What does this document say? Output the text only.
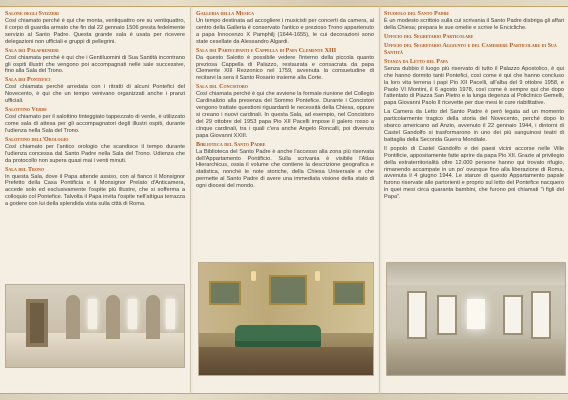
Salone degli Svizzeri
Così chiamato perché è qui che monta, ventiquattro ore su ventiquattro, il corpo di guardia armato che fin dal 22 gennaio 1506 presta fedelmente servizio al Santo Padre. Questa grande sala è usata per ricevere delegazioni non ufficiali e gruppi di pellegrini.
Sala dei Palafrenieri
Così chiamata perché è qui che i Gentiluomini di Sua Santità incontrano gli ospiti illustri che vengono poi accompagnati nelle sale successive, fino alla Sala del Trono.
Sala dei Pontefici
Così chiamata perché arredata con i ritratti di alcuni Pontefici del Novecento, è qui che un tempo venivano organizzati anche i pranzi ufficiali.
Salottino Verde
Così chiamato per il salottino tinteggiato tappezzato di verde, è utilizzato come sala di attesa per gli accompagnatori degli illustri ospiti, durante l'udienza nella Sala del Trono.
Salottino dell'Orologio
Così chiamato per l'antico orologio che scandisce il tempo durante l'udienza concessa dal Santo Padre nella Sala del Trono. Udienza che da protocollo non supera quasi mai i venti minuti.
Sala del Trono
In questa Sala, dove il Papa attende assiso, con al fianco il Monsignor Prefetto della Casa Pontificia e il Monsignor Prelato d'Anticamera, accede solo ed esclusivamente l'ospite più illustre, che si sofferma a colloquio col Pontefice. Talvolta il Papa invita l'ospite nell'attigua terrazza a godere con lui della splendida vista sulla città di Roma.
Galleria della Musica
Un tempo destinata ad accogliere i musicisti per concerti da camera, al centro della Galleria è conservato l'antico e prezioso Trono appartenuto a papa Innocenzo X Pamphilj (1644-1655), le cui decorazioni sono state cesellate da Alessandro Algardi.
Sala dei Partecipanti e Cappella di Papa Clemente XIII
Da questo Salotto è possibile vedere l'interno della piccola quanto preziosa Cappella di Palazzo, restaurata e consacrata da papa Clemente XIII Rezzonico nel 1759, avvenuta la consuetudine di recitarvi la sera il Santo Rosario insieme alla Corte.
Sala del Concistoro
Così chiamata perché è qui che avviene la formale riunione del Collegio Cardinalizio alla presenza del Sommo Pontefice. Durante i Concistori vengono trattate questioni riguardanti le necessità della Chiesa, oppure si creano i nuovi cardinali. In questa Sala, ad esempio, nel Concistoro del 29 ottobre del 1953 papa Pio XII Pacelli impose il galero rosso a cinque cardinali, tra i quali c'era anche Angelo Roncalli, poi divenuto papa Giovanni XXIII.
Biblioteca del Santo Padre
La Biblioteca del Santo Padre è anche l'accesso alla zona più riservata dell'Appartamento Pontificio. Sulla scrivania è visibile l'Atlas Hierarchicus, ossia il volume che contiene la descrizione geografica e statistica, nonché le note storiche, della Chiesa Universale e che permette al Santo Padre di avere una immediata visione della stato di ogni diocesi del mondo.
Studiolo del Santo Padre
È un modesto scrittoio sulla cui scrivania il Santo Padre disbriga gli affari della Chiesa; prepara le sue omelie e scrive le Encicliche.
Ufficio del Segretario Particolare
Ufficio del Segretario Aggiunto e del Cameriere Particolare di Sua Santità
Stanza da Letto del Papa
Senza dubbio il luogo più riservato di tutto il Palazzo Apostolico, è qui che hanno dormito tanti Pontefici, così come è qui che hanno concluso la loro vita terrena i papi Pio XII Pacelli, all'alba del 9 ottobre 1958, e Paolo VI Montini, il 6 agosto 1978, così come è sempre qui che dopo l'attentato di Piazza San Pietro e la lunga degenza al Policlinico Gemelli, papa Giovanni Paolo II ricevette per due mesi le cure riabilitative.
La Camera da Letto del Santo Padre è però legata ad un momento particolarmente tragico della storia del Novecento, perché dopo lo sbarco americano ad Anzio, avvenuto il 22 gennaio 1944, i dintorni di Castel Gandolfo si trasformarono in uno dei più sanguinosi teatri di battaglia della Seconda Guerra Mondiale.
Il popolo di Castel Gandolfo e dei paesi vicini accorse nelle Ville Pontificie, appositamente fatte aprire da papa Pio XII. Grazie al privilegio della extraterritorialità oltre 12.000 persone hanno qui trovato rifugio, rimanendo accampate in un po' ovunque fino alla liberazione di Roma, avvenuta il 4 giugno 1944. Le stanze di questo Appartamento papale furono riservate alle partorienti e proprio sul letto del Pontefice nacquero in quei mesi circa quaranta bambini, che furono poi chiamati "i figli del Papa".
